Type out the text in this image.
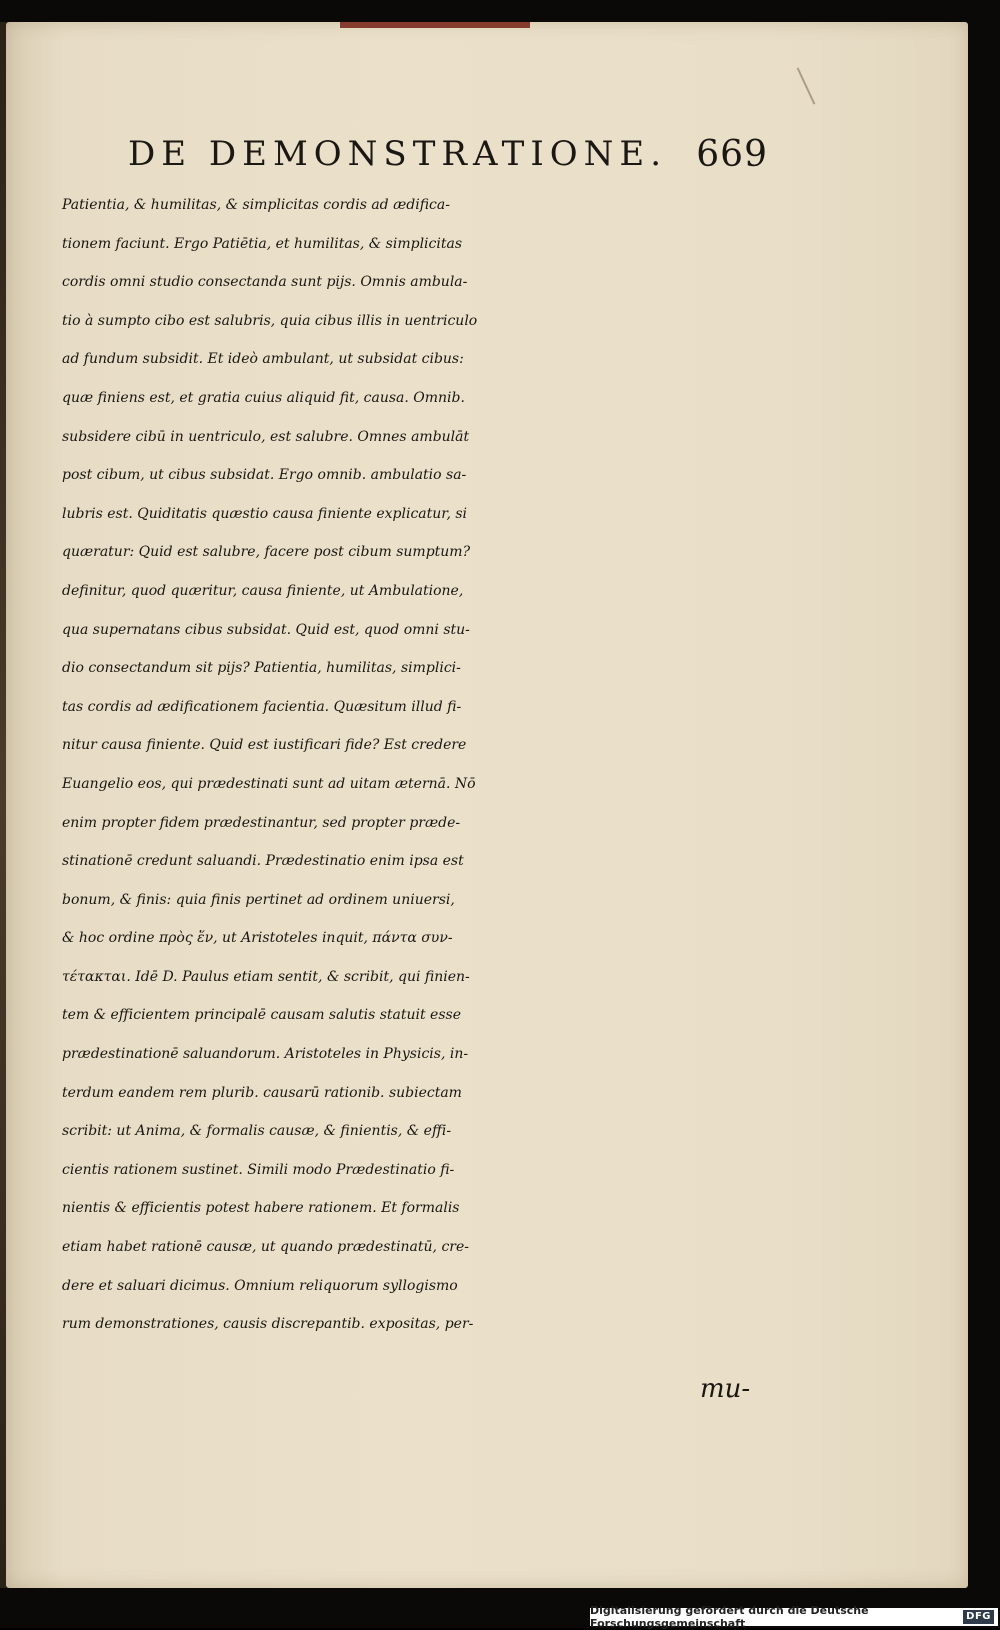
DE DEMONSTRATIONE. 669
Patientia, & humilitas, & simplicitas cordis ad ædifica-
tionem faciunt. Ergo Patiētia, et humilitas, & simplicitas
cordis omni studio consectanda sunt pijs. Omnis ambula-
tio à sumpto cibo est salubris, quia cibus illis in uentriculo
ad fundum subsidit. Et ideò ambulant, ut subsidat cibus:
quæ finiens est, et gratia cuius aliquid fit, causa. Omnib.
subsidere cibū in uentriculo, est salubre. Omnes ambulāt
post cibum, ut cibus subsidat. Ergo omnib. ambulatio sa-
lubris est. Quiditatis quæstio causa finiente explicatur, si
quæratur: Quid est salubre, facere post cibum sumptum?
definitur, quod quæritur, causa finiente, ut Ambulatione,
qua supernatans cibus subsidat. Quid est, quod omni stu-
dio consectandum sit pijs? Patientia, humilitas, simplici-
tas cordis ad ædificationem facientia. Quæsitum illud fi-
nitur causa finiente. Quid est iustificari fide? Est credere
Euangelio eos, qui prædestinati sunt ad uitam æternā. Nō
enim propter fidem prædestinantur, sed propter præde-
stinationē credunt saluandi. Prædestinatio enim ipsa est
bonum, & finis: quia finis pertinet ad ordinem uniuersi,
& hoc ordine πρὸς ἕν, ut Aristoteles inquit, πάντα συν-
τέτακται. Idē D. Paulus etiam sentit, & scribit, qui finien-
tem & efficientem principalē causam salutis statuit esse
prædestinationē saluandorum. Aristoteles in Physicis, in-
terdum eandem rem plurib. causarū rationib. subiectam
scribit: ut Anima, & formalis causæ, & finientis, & effi-
cientis rationem sustinet. Simili modo Prædestinatio fi-
nientis & efficientis potest habere rationem. Et formalis
etiam habet rationē causæ, ut quando prædestinatū, cre-
dere et saluari dicimus. Omnium reliquorum syllogismo
rum demonstrationes, causis discrepantib. expositas, per-
mu-
Digitalisierung gefördert durch die Deutsche Forschungsgemeinschaft
DFG
